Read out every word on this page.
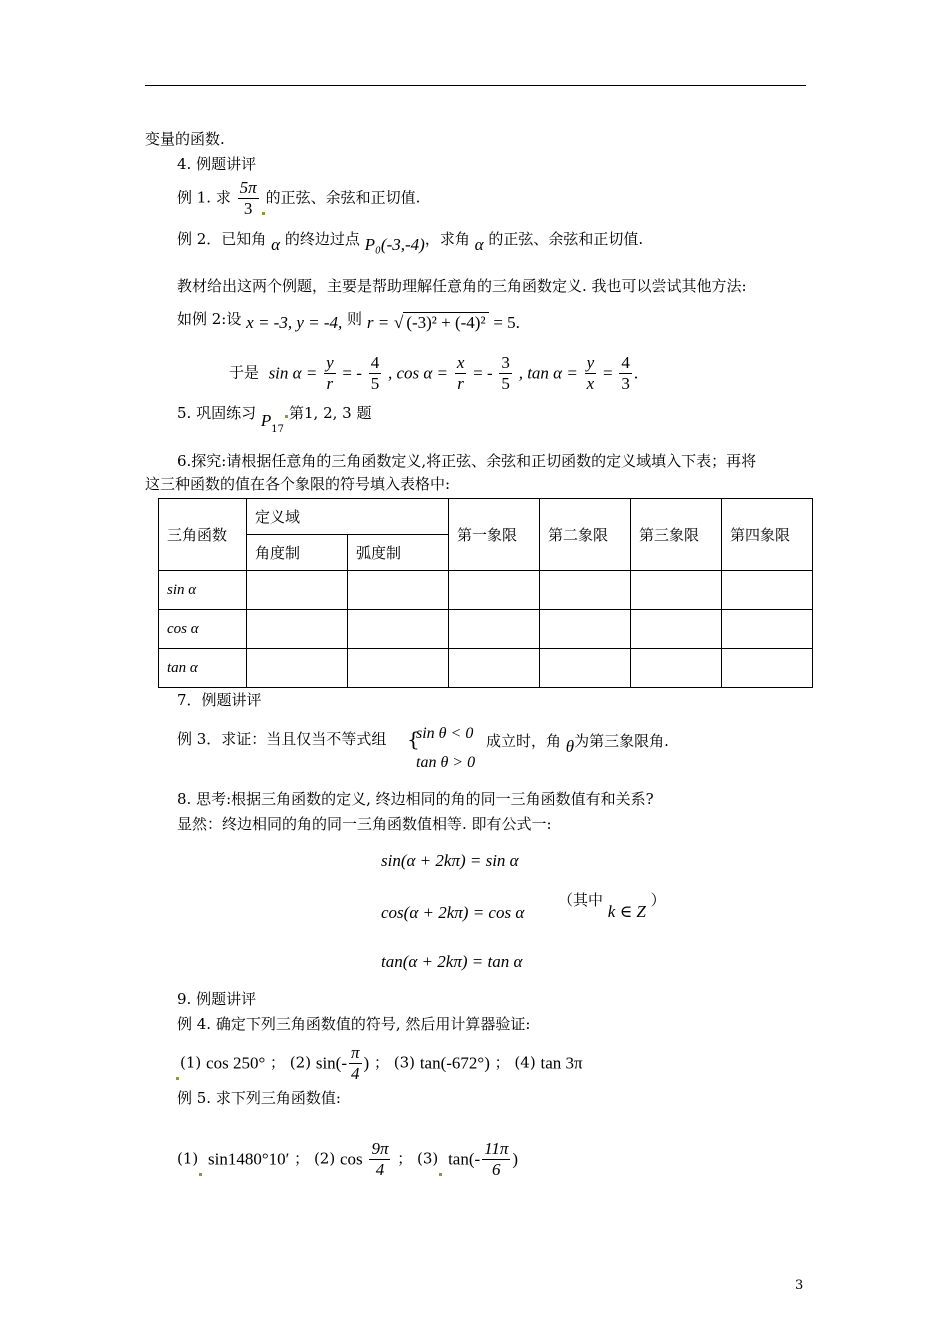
变量的函数.
4. 例题讲评
例 1. 求 $\frac{5\pi}{3}$ 的正弦、余弦和正切值.
例 2．已知角 α 的终边过点 P₀(-3,-4)，求角 α 的正弦、余弦和正切值.
教材给出这两个例题，主要是帮助理解任意角的三角函数定义. 我也可以尝试其他方法:
如例 2:设 x = -3, y = -4, 则 r = √ (-3)² + (-4)² = 5.
于是 $\sin \alpha = \frac{y}{r}$ = - $\frac{4}{5}$ , $\cos \alpha = \frac{x}{r}$ = - $\frac{3}{5}$ , $\tan \alpha = \frac{y}{x} = \frac{4}{3}$ .
5. 巩固练习 $P_{17}$第1, 2, 3 题
6.探究:请根据任意角的三角函数定义,将正弦、余弦和正切函数的定义域填入下表；再将
这三种函数的值在各个象限的符号填入表格中:
三角函数	定义域		第一象限	第二象限	第三象限	第四象限
	角度制	弧度制				
sin α						
cos α						
tan α						
7．例题讲评
例 3．求证：当且仅当不等式组 {
sin θ < 0
tan θ > 0
成立时，角 θ为第三象限角.
8. 思考:根据三角函数的定义, 终边相同的角的同一三角函数值有和关系?
显然：终边相同的角的同一三角函数值相等. 即有公式一:
sin(α + 2kπ) = sin α
cos(α + 2kπ) = cos α
（其中 k ∈ Z ）
tan(α + 2kπ) = tan α
9. 例题讲评
例 4. 确定下列三角函数值的符号, 然后用计算器验证:
(1) cos 250° ； (2) $\sin(- \frac{\pi}{4}$ ) ； (3) tan(-672°) ； (4) tan 3π
例 5. 求下列三角函数值:
(1) sin1480°10′ ； (2) $\cos \frac{9\pi}{4}$ ； (3) $\tan(- \frac{11\pi}{6}$ )
3
